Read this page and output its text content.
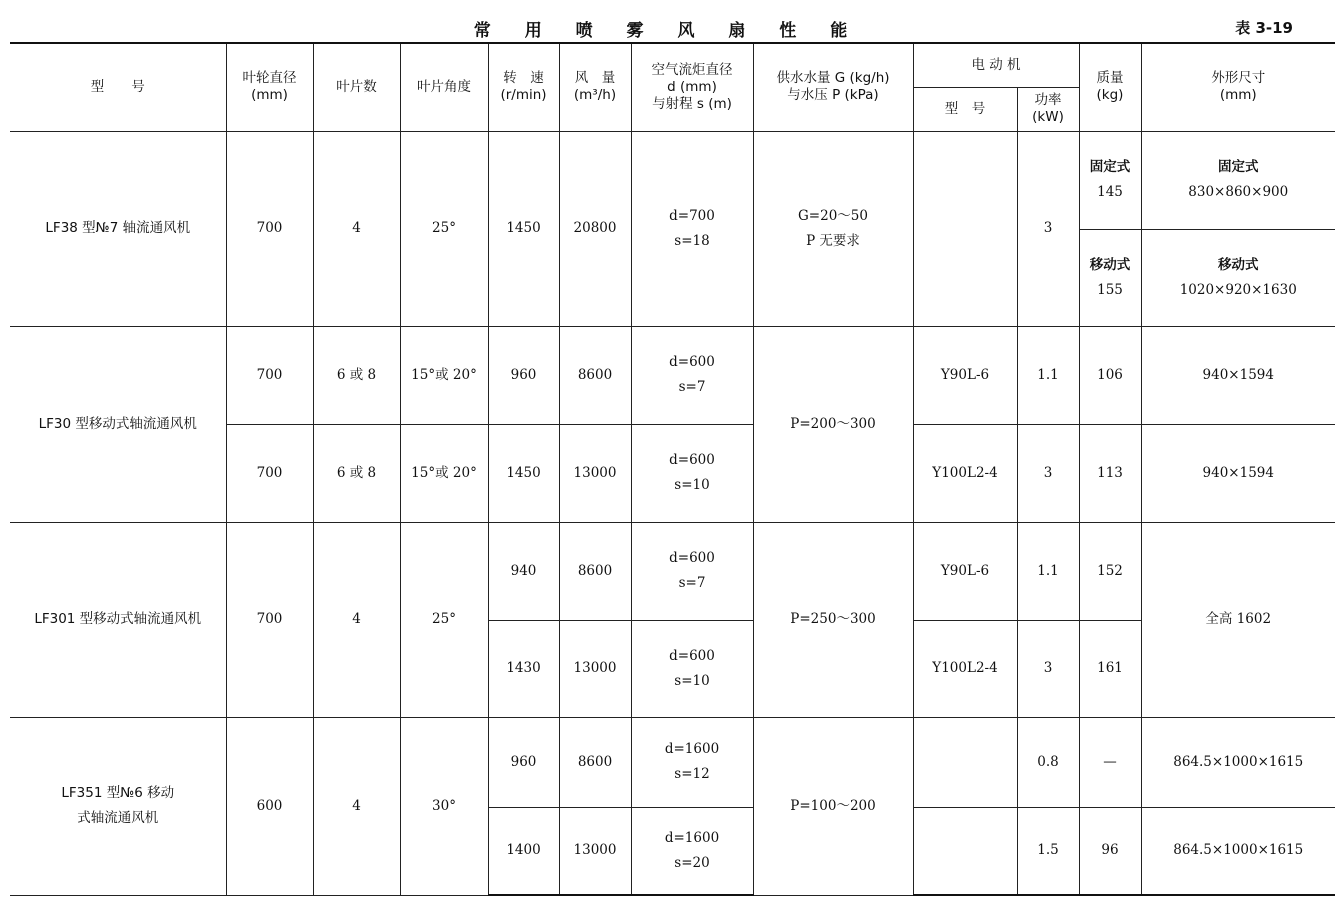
常 用 喷 雾 风 扇 性 能	表 3-19
型　　号	叶轮直径
(mm)	叶片数	叶片角度	转　速
(r/min)	风　量
(m³/h)	空气流炬直径
d (mm)
与射程 s (m)	供水水量 G (kg/h)
与水压 P (kPa)	电 动 机		质量
(kg)	外形尺寸
(mm)

								型　号	功率
(kW)		

LF38 型№7 轴流通风机	700	4	25°	1450	20800	d=700
s=18	G=20～50
P 无要求		3	固定式
145	固定式
830×860×900

										移动式
155	移动式
1020×920×1630

LF30 型移动式轴流通风机	700	6 或 8	15°或 20°	960	8600	d=600
s=7	P=200～300	Y90L-6	1.1	106	940×1594
	700	6 或 8	15°或 20°	1450	13000	d=600
s=10		Y100L2-4	3	113	940×1594
LF301 型移动式轴流通风机	700	4	25°	940	8600	d=600
s=7	P=250～300	Y90L-6	1.1	152	全高 1602
				1430	13000	d=600
s=10		Y100L2-4	3	161	

LF351 型№6 移动
式轴流通风机	600	4	30°	960	8600	d=1600
s=12	P=100～200		0.8	—	864.5×1000×1615
				1400	13000	d=1600
s=20			1.5	96	864.5×1000×1615
